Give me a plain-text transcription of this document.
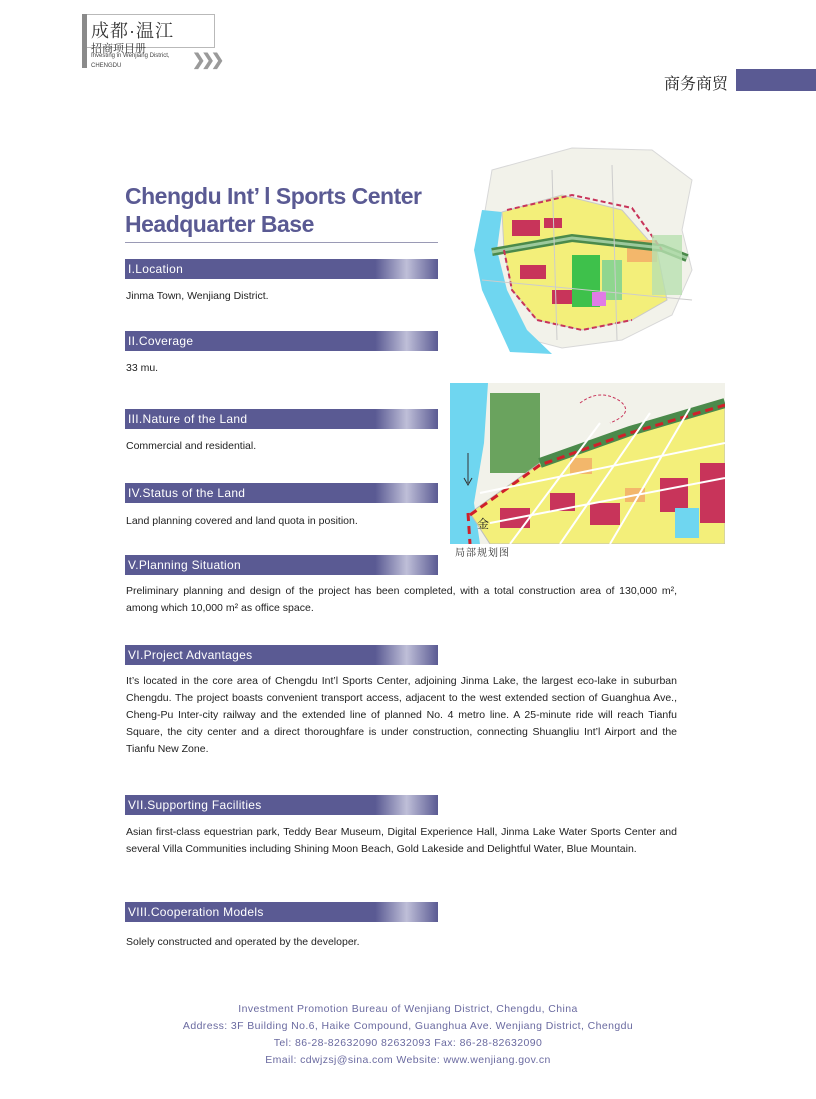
成都·温江
招商项目册
Investing in Wenjiang District,
CHENGDU	❯❯❯
商务商贸
Chengdu Int’ l Sports Center
Headquarter Base
I.Location
Jinma Town, Wenjiang District.
II.Coverage
33 mu.
III.Nature of the Land
Commercial and residential.
IV.Status of the Land
Land planning covered and land quota in position.
V.Planning Situation
Preliminary planning and design of the project has been completed, with a total construction area of 130,000 m², among which 10,000 m² as office space.
VI.Project Advantages
It’s located in the core area of Chengdu Int’l Sports Center, adjoining Jinma Lake, the largest eco-lake in suburban Chengdu. The project boasts convenient transport access, adjacent to the west extended section of Guanghua Ave., Cheng-Pu Inter-city railway and the extended line of planned No. 4 metro line. A 25-minute ride will reach Tianfu Square, the city center and a direct thoroughfare is under construction, connecting Shuangliu Int’l Airport and the Tianfu New Zone.
VII.Supporting Facilities
Asian first-class equestrian park, Teddy Bear Museum, Digital Experience Hall, Jinma Lake Water Sports Center and several Villa Communities including Shining Moon Beach, Gold Lakeside and Delightful Water, Blue Mountain.
VIII.Cooperation Models
Solely constructed and operated by the developer.
金
局部规划图
Investment Promotion Bureau of Wenjiang District, Chengdu, China
Address: 3F Building No.6, Haike Compound, Guanghua Ave. Wenjiang District, Chengdu
Tel: 86-28-82632090 82632093 Fax: 86-28-82632090
Email: cdwjzsj@sina.com Website: www.wenjiang.gov.cn
